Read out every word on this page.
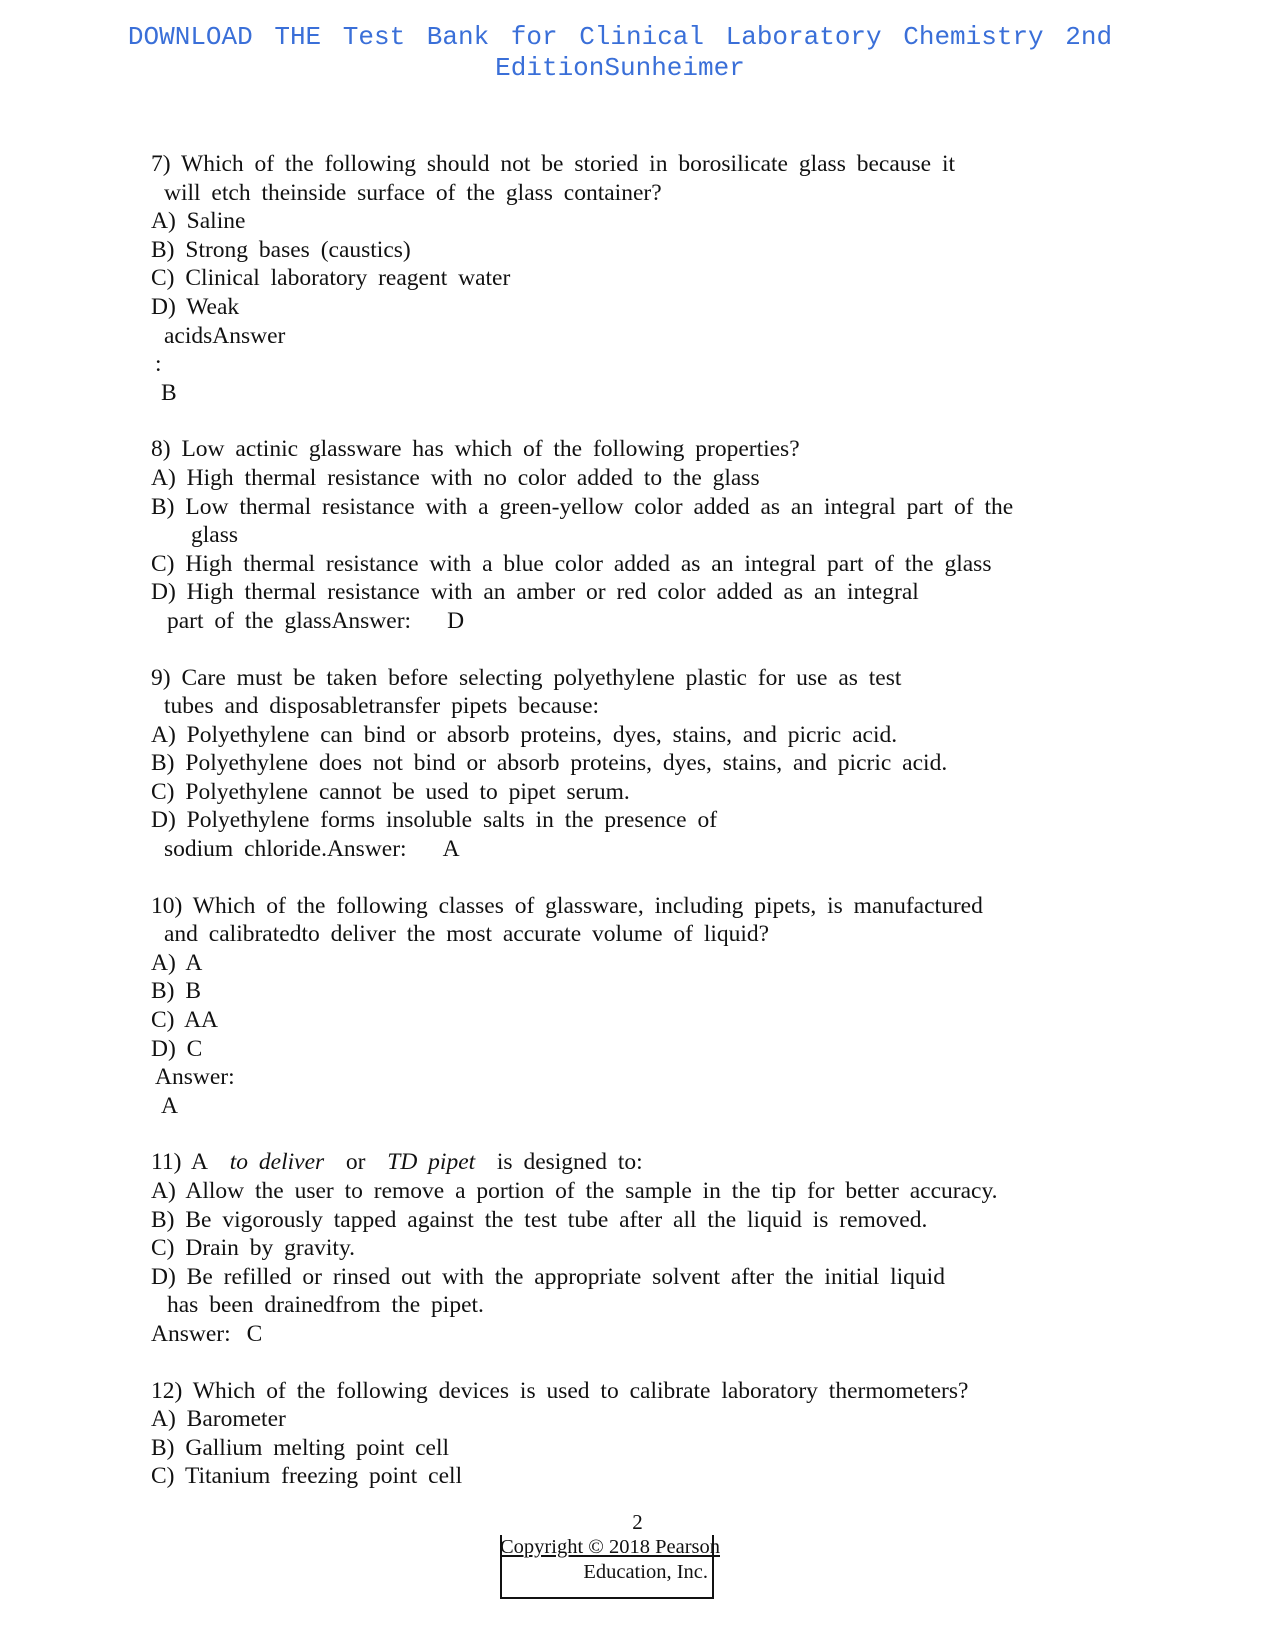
DOWNLOAD THE Test Bank for Clinical Laboratory Chemistry 2nd
EditionSunheimer
7) Which of the following should not be storied in borosilicate glass because it
will etch theinside surface of the glass container?
A) Saline
B) Strong bases (caustics)
C) Clinical laboratory reagent water
D) Weak
acidsAnswer
:
B
8) Low actinic glassware has which of the following properties?
A) High thermal resistance with no color added to the glass
B) Low thermal resistance with a green-yellow color added as an integral part of the
glass
C) High thermal resistance with a blue color added as an integral part of the glass
D) High thermal resistance with an amber or red color added as an integral
part of the glassAnswer: D
9) Care must be taken before selecting polyethylene plastic for use as test
tubes and disposabletransfer pipets because:
A) Polyethylene can bind or absorb proteins, dyes, stains, and picric acid.
B) Polyethylene does not bind or absorb proteins, dyes, stains, and picric acid.
C) Polyethylene cannot be used to pipet serum.
D) Polyethylene forms insoluble salts in the presence of
sodium chloride.Answer: A
10) Which of the following classes of glassware, including pipets, is manufactured
and calibratedto deliver the most accurate volume of liquid?
A) A
B) B
C) AA
D) C
Answer:
A
11) A to deliver or TD pipet is designed to:
A) Allow the user to remove a portion of the sample in the tip for better accuracy.
B) Be vigorously tapped against the test tube after all the liquid is removed.
C) Drain by gravity.
D) Be refilled or rinsed out with the appropriate solvent after the initial liquid
has been drainedfrom the pipet.
Answer: C
12) Which of the following devices is used to calibrate laboratory thermometers?
A) Barometer
B) Gallium melting point cell
C) Titanium freezing point cell
2
Copyright © 2018 Pearson
Education, Inc.
